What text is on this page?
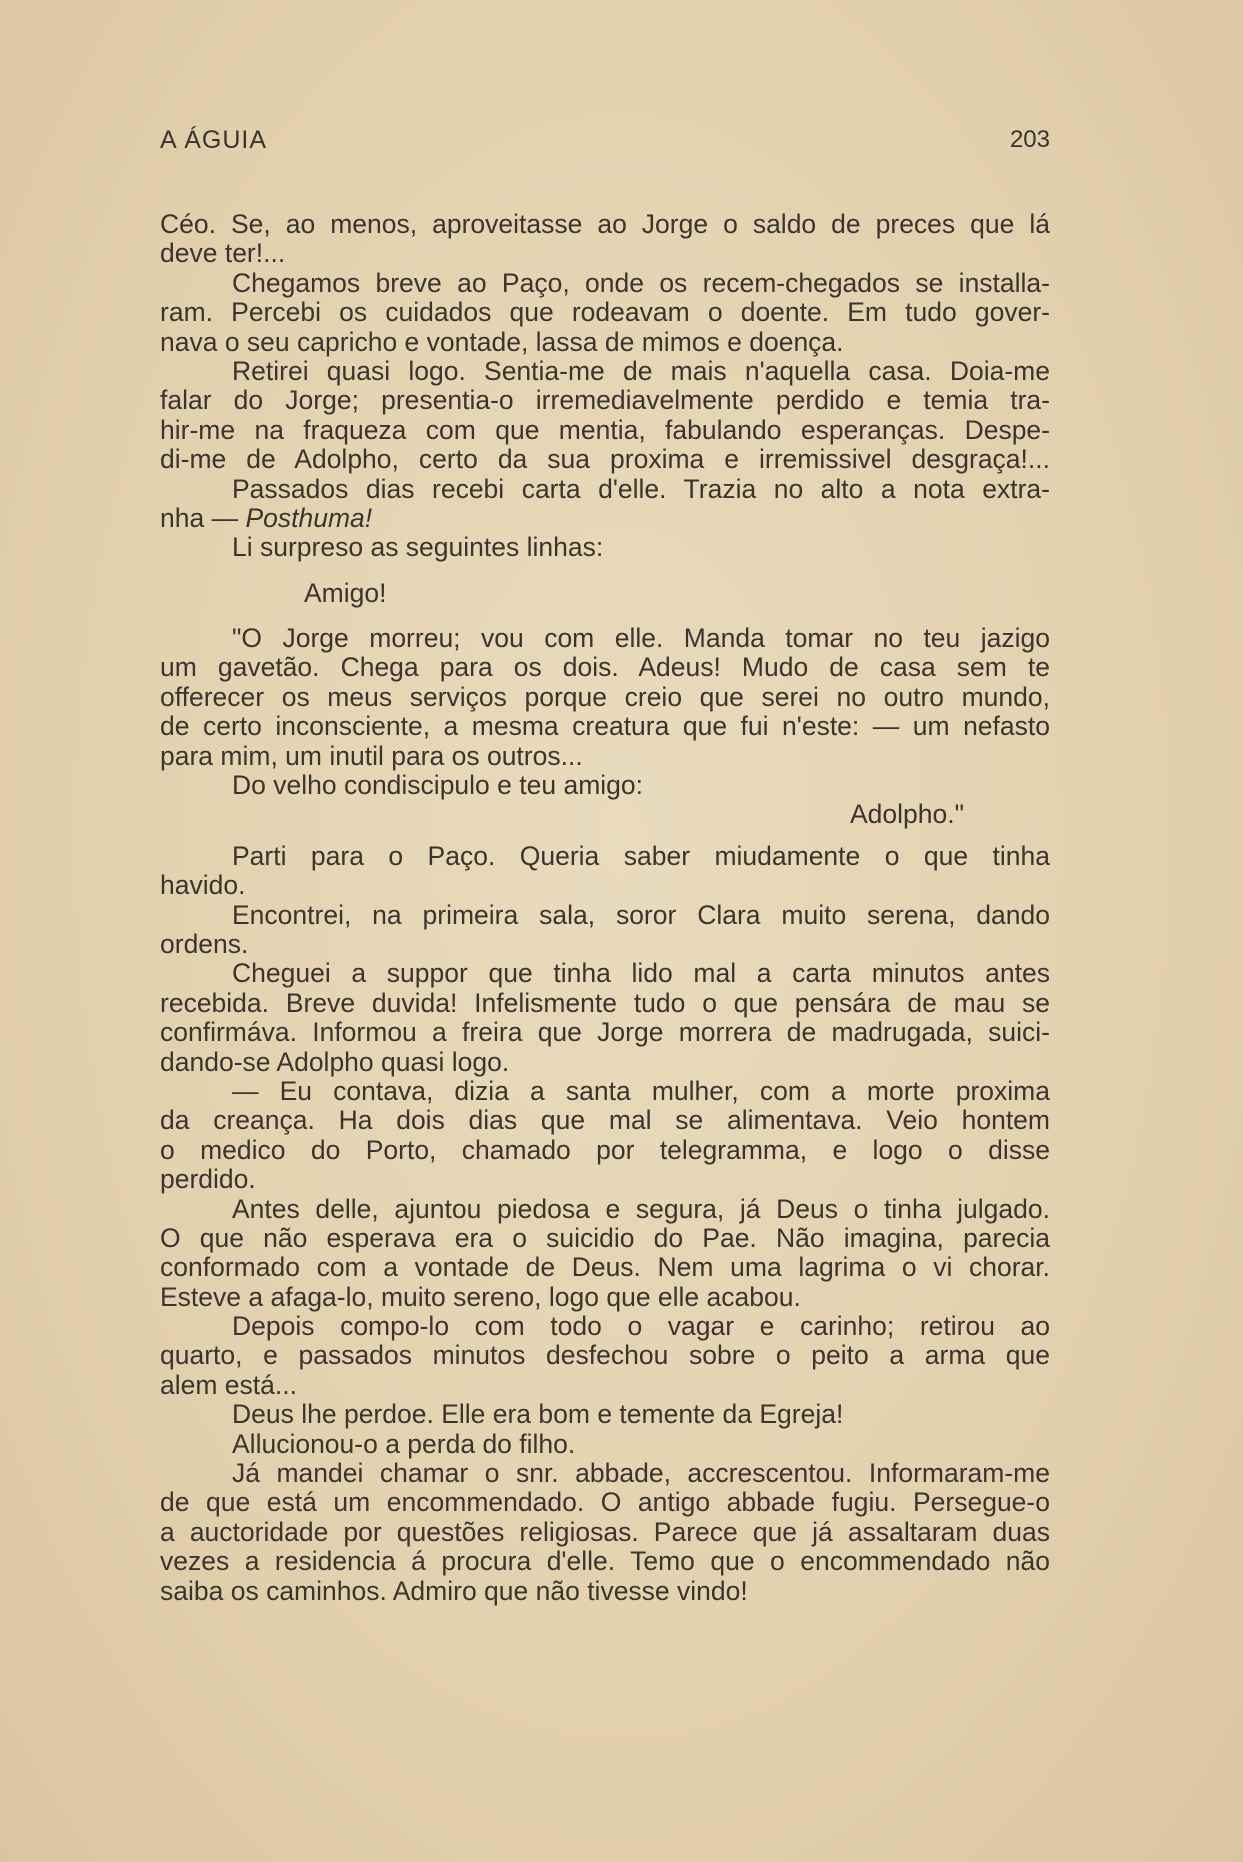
A ÁGUIA	203
Céo. Se, ao menos, aproveitasse ao Jorge o saldo de preces que lá
deve ter!...
Chegamos breve ao Paço, onde os recem-chegados se installa-
ram. Percebi os cuidados que rodeavam o doente. Em tudo gover-
nava o seu capricho e vontade, lassa de mimos e doença.
Retirei quasi logo. Sentia-me de mais n'aquella casa. Doia-me
falar do Jorge; presentia-o irremediavelmente perdido e temia tra-
hir-me na fraqueza com que mentia, fabulando esperanças. Despe-
di-me de Adolpho, certo da sua proxima e irremissivel desgraça!...
Passados dias recebi carta d'elle. Trazia no alto a nota extra-
nha — Posthuma!
Li surpreso as seguintes linhas:
Amigo!
"O Jorge morreu; vou com elle. Manda tomar no teu jazigo
um gavetão. Chega para os dois. Adeus! Mudo de casa sem te
offerecer os meus serviços porque creio que serei no outro mundo,
de certo inconsciente, a mesma creatura que fui n'este: — um nefasto
para mim, um inutil para os outros...
Do velho condiscipulo e teu amigo:
Adolpho."
Parti para o Paço. Queria saber miudamente o que tinha
havido.
Encontrei, na primeira sala, soror Clara muito serena, dando
ordens.
Cheguei a suppor que tinha lido mal a carta minutos antes
recebida. Breve duvida! Infelismente tudo o que pensára de mau se
confirmáva. Informou a freira que Jorge morrera de madrugada, suici-
dando-se Adolpho quasi logo.
— Eu contava, dizia a santa mulher, com a morte proxima
da creança. Ha dois dias que mal se alimentava. Veio hontem
o medico do Porto, chamado por telegramma, e logo o disse
perdido.
Antes delle, ajuntou piedosa e segura, já Deus o tinha julgado.
O que não esperava era o suicidio do Pae. Não imagina, parecia
conformado com a vontade de Deus. Nem uma lagrima o vi chorar.
Esteve a afaga-lo, muito sereno, logo que elle acabou.
Depois compo-lo com todo o vagar e carinho; retirou ao
quarto, e passados minutos desfechou sobre o peito a arma que
alem está...
Deus lhe perdoe. Elle era bom e temente da Egreja!
Allucionou-o a perda do filho.
Já mandei chamar o snr. abbade, accrescentou. Informaram-me
de que está um encommendado. O antigo abbade fugiu. Persegue-o
a auctoridade por questões religiosas. Parece que já assaltaram duas
vezes a residencia á procura d'elle. Temo que o encommendado não
saiba os caminhos. Admiro que não tivesse vindo!
